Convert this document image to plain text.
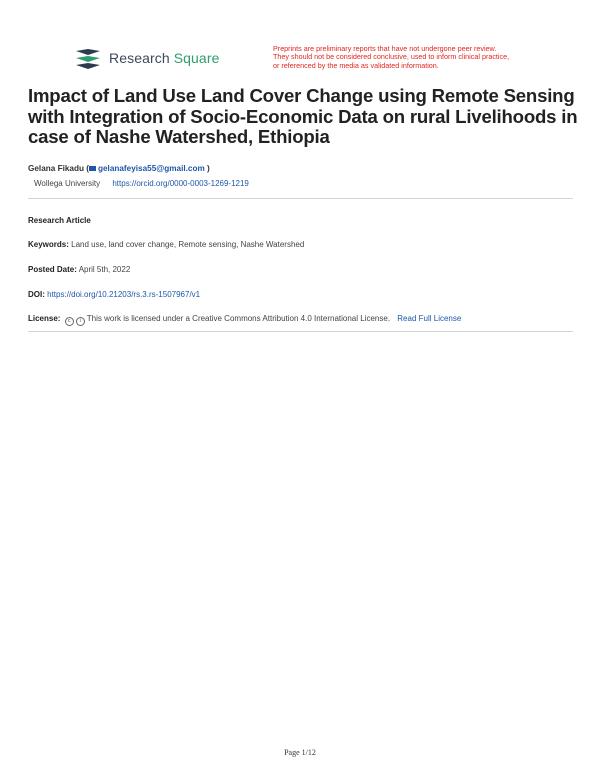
Research Square
Preprints are preliminary reports that have not undergone peer review.
They should not be considered conclusive, used to inform clinical practice,
or referenced by the media as validated information.
Impact of Land Use Land Cover Change using Remote Sensing with Integration of Socio-Economic Data on rural Livelihoods in case of Nashe Watershed, Ethiopia
Gelana Fikadu ( gelanafeyisa55@gmail.com )
Wollega University https://orcid.org/0000-0003-1269-1219
Research Article
Keywords: Land use, land cover change, Remote sensing, Nashe Watershed
Posted Date: April 5th, 2022
DOI: https://doi.org/10.21203/rs.3.rs-1507967/v1
License: c i This work is licensed under a Creative Commons Attribution 4.0 International License. Read Full License
Page 1/12
